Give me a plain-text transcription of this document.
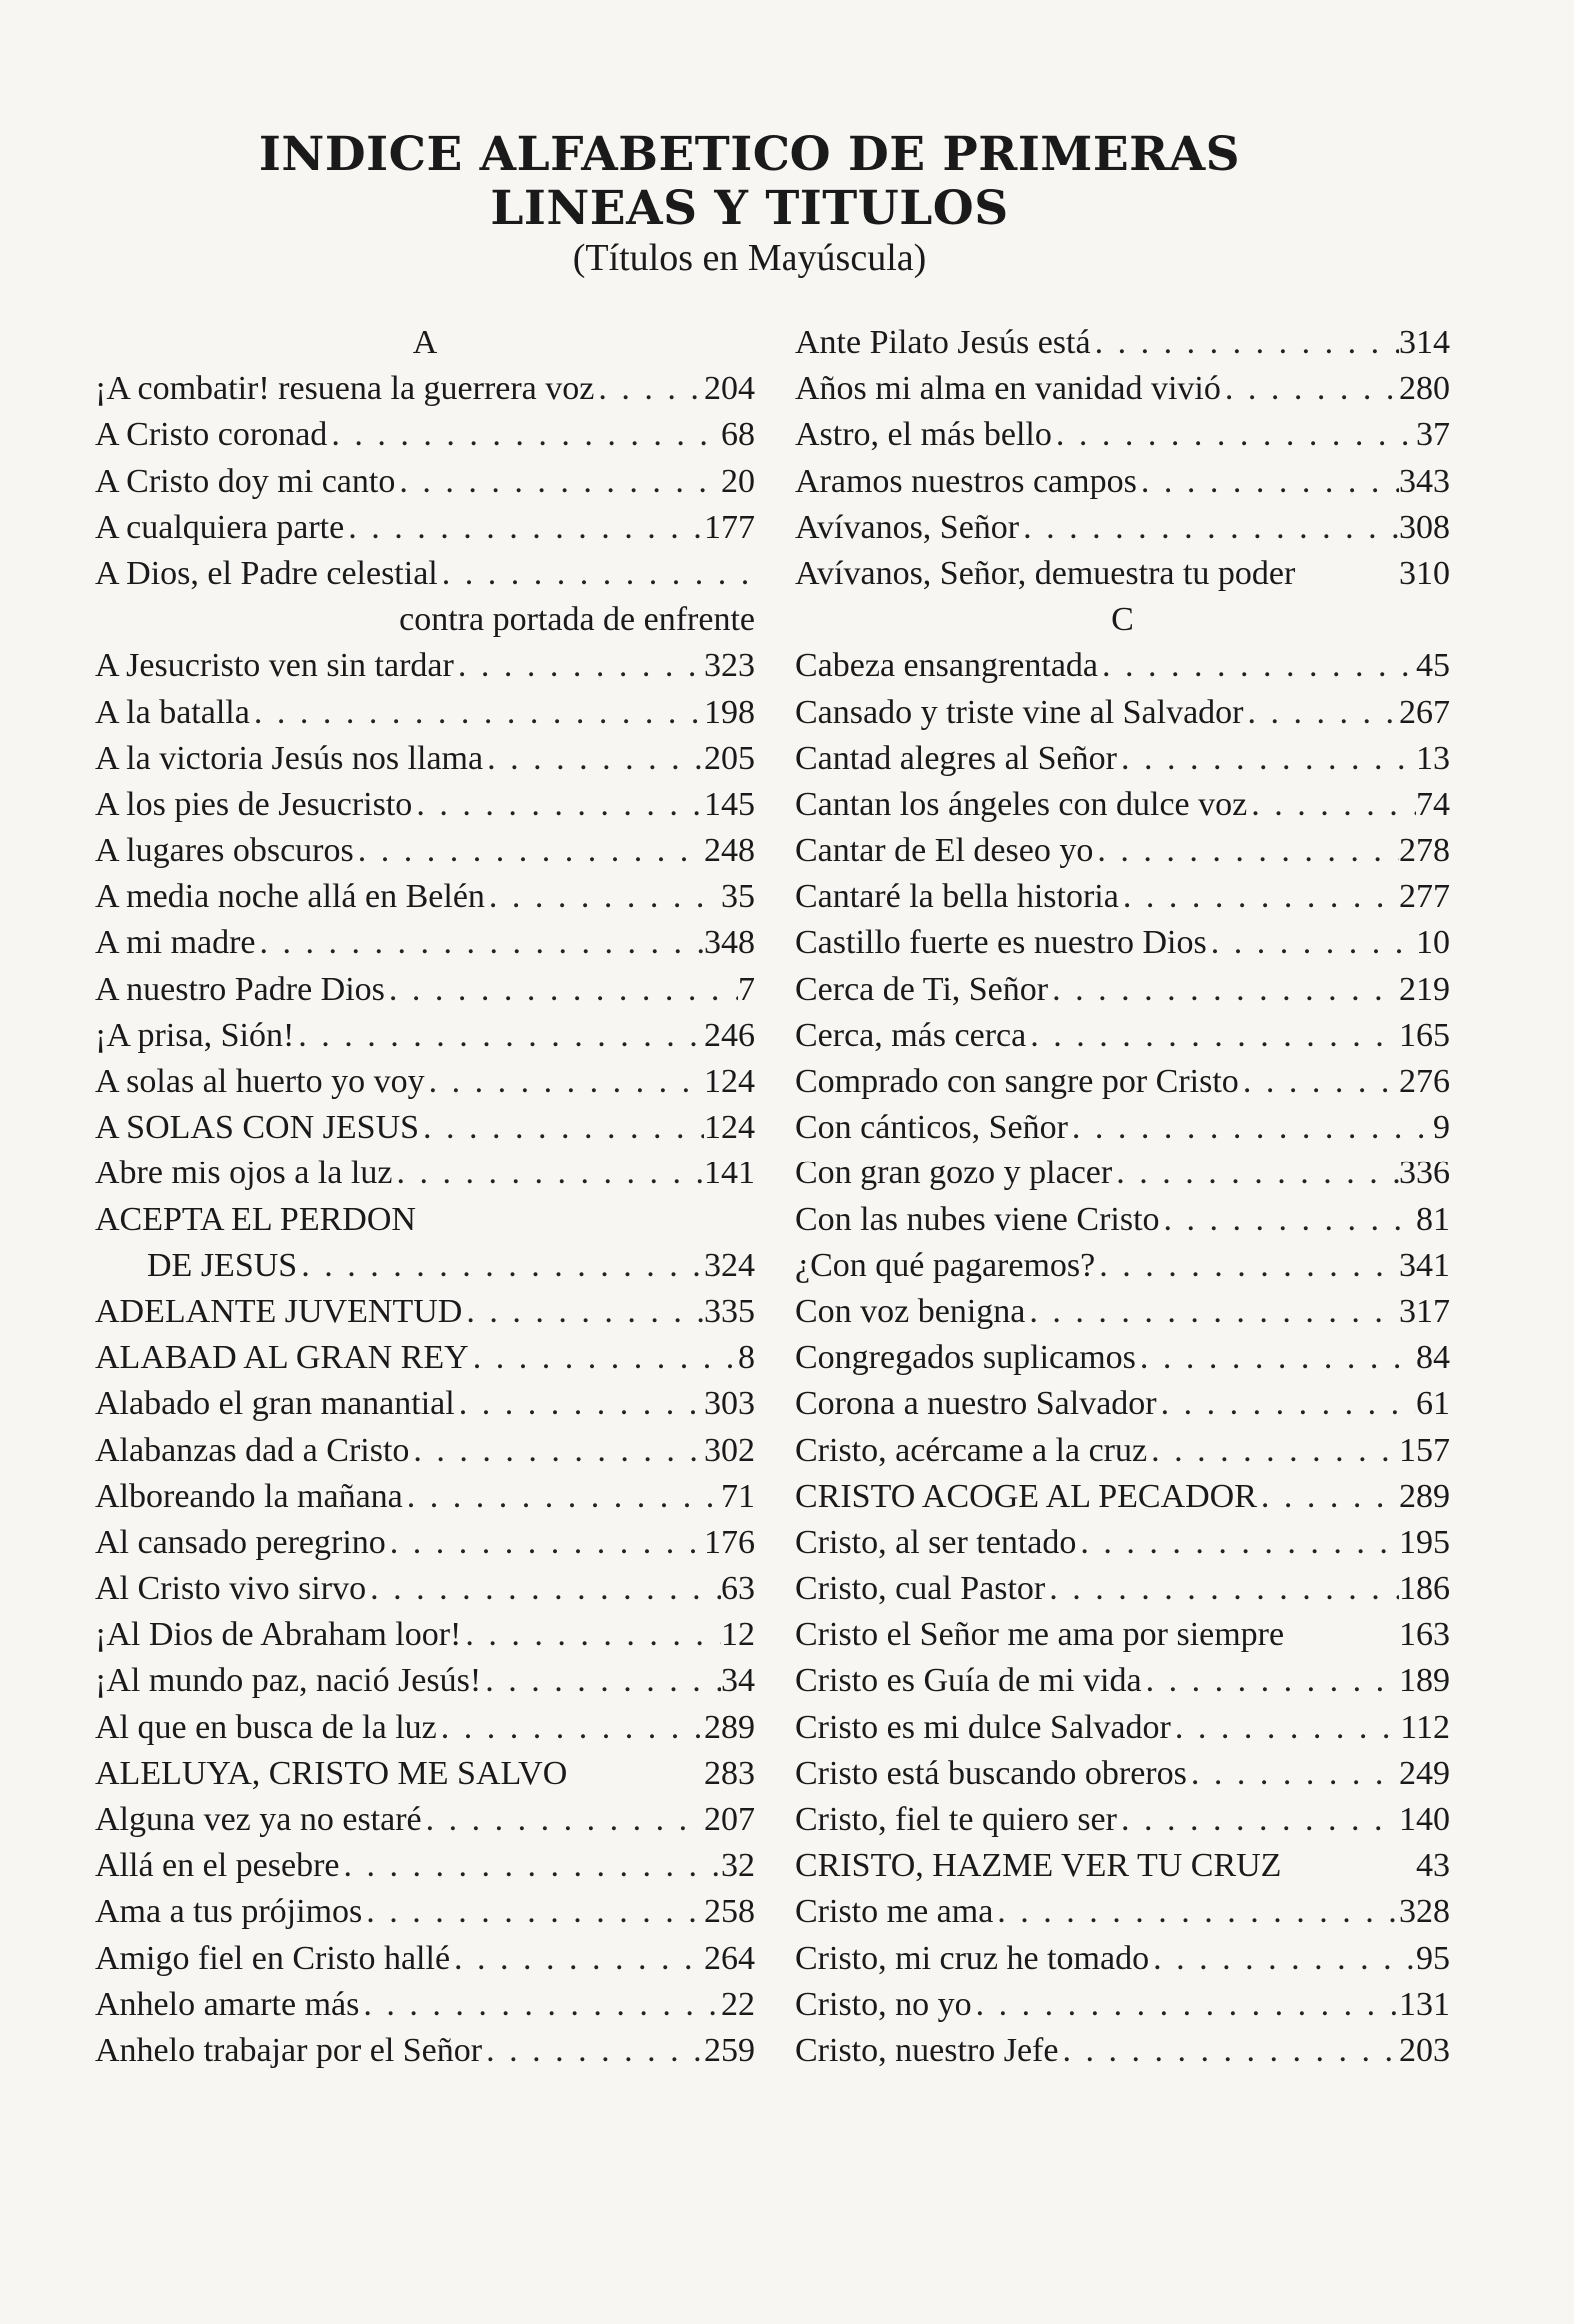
INDICE ALFABETICO DE PRIMERAS
LINEAS Y TITULOS
(Títulos en Mayúscula)
A
¡A combatir! resuena la guerrera voz . . .	204
A Cristo coronad . . .	68
A Cristo doy mi canto . . .	20
A cualquiera parte . . .	177
A Dios, el Padre celestial
. . .
contra portada de enfrente
A Jesucristo ven sin tardar . . .	323
A la batalla . . .	198
A la victoria Jesús nos llama . . .	205
A los pies de Jesucristo . . .	145
A lugares obscuros . . .	248
A media noche allá en Belén . . .	35
A mi madre . . .	348
A nuestro Padre Dios . . .	7
¡A prisa, Sión! . . .	246
A solas al huerto yo voy . . .	124
A SOLAS CON JESUS . . .	124
Abre mis ojos a la luz . . .	141
ACEPTA EL PERDON
DE JESUS . . .	324
ADELANTE JUVENTUD . . .	335
ALABAD AL GRAN REY . . .	8
Alabado el gran manantial . . .	303
Alabanzas dad a Cristo . . .	302
Alboreando la mañana . . .	71
Al cansado peregrino . . .	176
Al Cristo vivo sirvo . . .	63
¡Al Dios de Abraham loor! . . .	12
¡Al mundo paz, nació Jesús! . . .	34
Al que en busca de la luz . . .	289
ALELUYA, CRISTO ME SALVO	283
Alguna vez ya no estaré . . .	207
Allá en el pesebre . . .	32
Ama a tus prójimos . . .	258
Amigo fiel en Cristo hallé . . .	264
Anhelo amarte más . . .	22
Anhelo trabajar por el Señor . . .	259
Ante Pilato Jesús está . . .	314
Años mi alma en vanidad vivió . . .	280
Astro, el más bello . . .	37
Aramos nuestros campos . . .	343
Avívanos, Señor . . .	308
Avívanos, Señor, demuestra tu poder	310
C
Cabeza ensangrentada . . .	45
Cansado y triste vine al Salvador . . .	267
Cantad alegres al Señor . . .	13
Cantan los ángeles con dulce voz . . .	74
Cantar de El deseo yo . . .	278
Cantaré la bella historia . . .	277
Castillo fuerte es nuestro Dios . . .	10
Cerca de Ti, Señor . . .	219
Cerca, más cerca . . .	165
Comprado con sangre por Cristo . . .	276
Con cánticos, Señor . . .	9
Con gran gozo y placer . . .	336
Con las nubes viene Cristo . . .	81
¿Con qué pagaremos? . . .	341
Con voz benigna . . .	317
Congregados suplicamos . . .	84
Corona a nuestro Salvador . . .	61
Cristo, acércame a la cruz . . .	157
CRISTO ACOGE AL PECADOR . . .	289
Cristo, al ser tentado . . .	195
Cristo, cual Pastor . . .	186
Cristo el Señor me ama por siempre	163
Cristo es Guía de mi vida . . .	189
Cristo es mi dulce Salvador . . .	112
Cristo está buscando obreros . . .	249
Cristo, fiel te quiero ser . . .	140
CRISTO, HAZME VER TU CRUZ	43
Cristo me ama . . .	328
Cristo, mi cruz he tomado . . .	95
Cristo, no yo . . .	131
Cristo, nuestro Jefe . . .	203
